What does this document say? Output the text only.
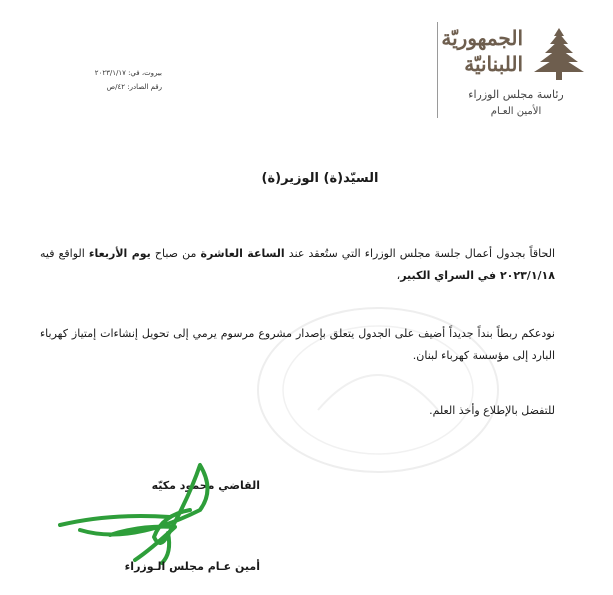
الجمهوريّة
اللبنانيّة
رئاسة مجلس الوزراء
الأمين العـام
بيروت، في: ٢٠٢٣/١/١٧
رقم الصادر: ٤٢/ص
السيّد(ة) الوزير(ة)
الحاقاً بجدول أعمال جلسة مجلس الوزراء التي ستُعقد عند الساعة العاشرة من صباح يوم الأربعاء الواقع فيه ٢٠٢٣/١/١٨ في السراي الكبير،
نودعكم ربطاً بنداً جديداً أضيف على الجدول يتعلق بإصدار مشروع مرسوم يرمي إلى تحويل إنشاءات إمتياز كهرباء البارد إلى مؤسسة كهرباء لبنان.
للتفضل بالإطلاع وأخذ العلم.
القاضي محمود مكيّه
أمين عـام مجلس الـوزراء
